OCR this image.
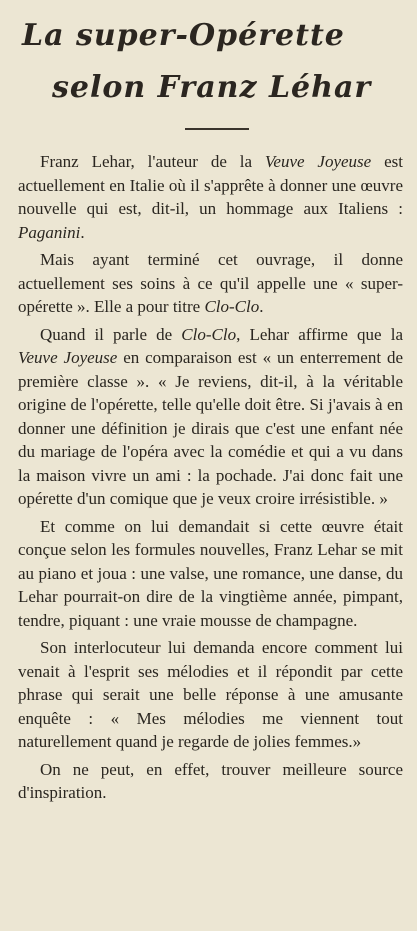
La super-Opérette
selon Franz Léhar

Franz Lehar, l'auteur de la Veuve Joyeuse est actuellement en Italie où il s'apprête à donner une œuvre nouvelle qui est, dit-il, un hommage aux Italiens : Paganini.

Mais ayant terminé cet ouvrage, il donne actuellement ses soins à ce qu'il appelle une « super-opérette ». Elle a pour titre Clo-Clo.

Quand il parle de Clo-Clo, Lehar affirme que la Veuve Joyeuse en comparaison est « un enterrement de première classe ». « Je reviens, dit-il, à la véritable origine de l'opérette, telle qu'elle doit être. Si j'avais à en donner une définition je dirais que c'est une enfant née du mariage de l'opéra avec la comédie et qui a vu dans la maison vivre un ami : la pochade. J'ai donc fait une opérette d'un comique que je veux croire irrésistible. »

Et comme on lui demandait si cette œuvre était conçue selon les formules nouvelles, Franz Lehar se mit au piano et joua : une valse, une romance, une danse, du Lehar pourrait-on dire de la vingtième année, pimpant, tendre, piquant : une vraie mousse de champagne.

Son interlocuteur lui demanda encore comment lui venait à l'esprit ses mélodies et il répondit par cette phrase qui serait une belle réponse à une amusante enquête : « Mes mélodies me viennent tout naturellement quand je regarde de jolies femmes.»

On ne peut, en effet, trouver meilleure source d'inspiration.
